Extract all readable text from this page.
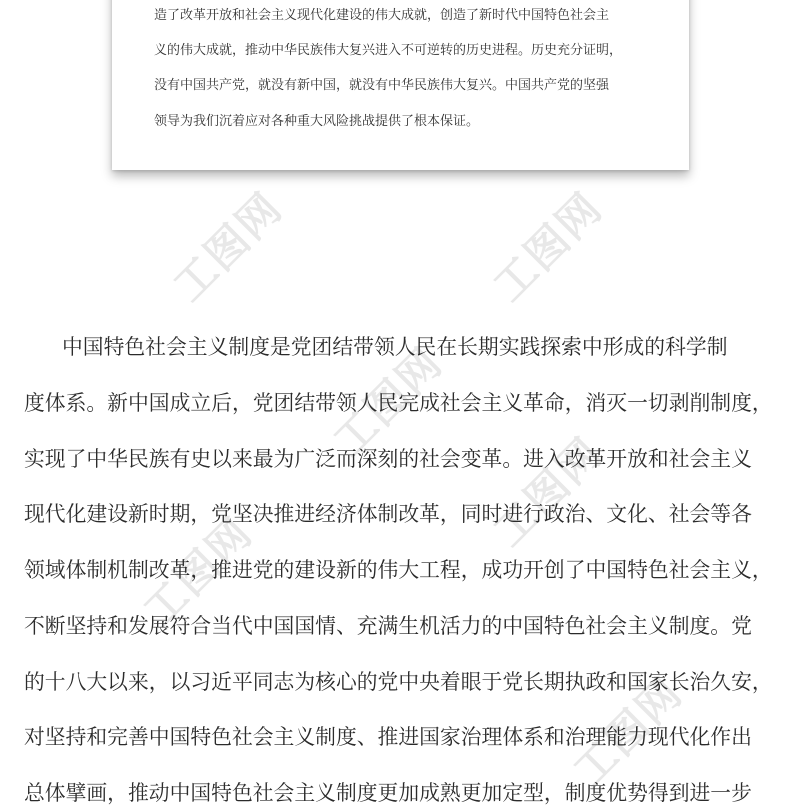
工图网	工图网
工图网
工图网
工图网
工图网

造了改革开放和社会主义现代化建设的伟大成就，创造了新时代中国特色社会主

义的伟大成就，推动中华民族伟大复兴进入不可逆转的历史进程。历史充分证明，

没有中国共产党，就没有新中国，就没有中华民族伟大复兴。中国共产党的坚强

领导为我们沉着应对各种重大风险挑战提供了根本保证。

中国特色社会主义制度是党团结带领人民在长期实践探索中形成的科学制

度体系。新中国成立后，党团结带领人民完成社会主义革命，消灭一切剥削制度，

实现了中华民族有史以来最为广泛而深刻的社会变革。进入改革开放和社会主义

现代化建设新时期，党坚决推进经济体制改革，同时进行政治、文化、社会等各

领域体制机制改革，推进党的建设新的伟大工程，成功开创了中国特色社会主义，

不断坚持和发展符合当代中国国情、充满生机活力的中国特色社会主义制度。党

的十八大以来，以习近平同志为核心的党中央着眼于党长期执政和国家长治久安，

对坚持和完善中国特色社会主义制度、推进国家治理体系和治理能力现代化作出

总体擘画，推动中国特色社会主义制度更加成熟更加定型，制度优势得到进一步
